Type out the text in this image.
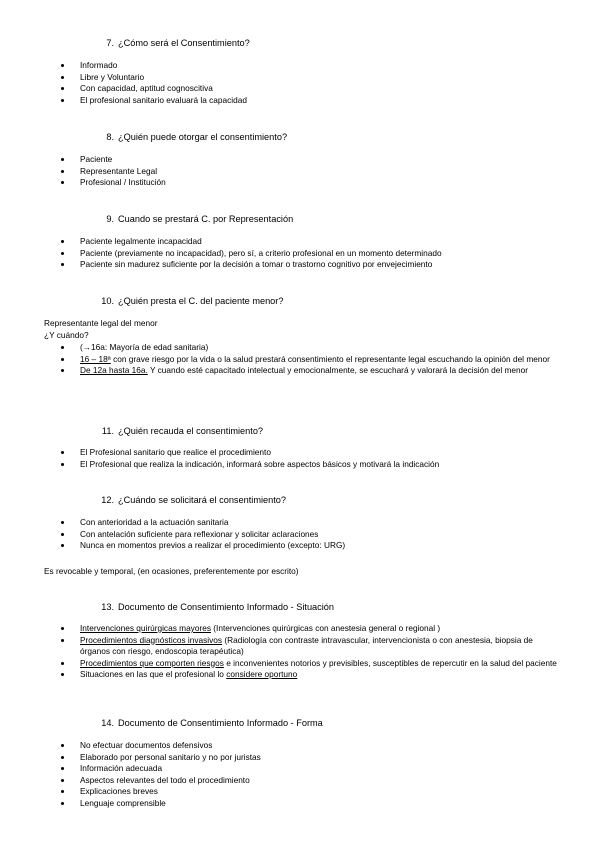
7. ¿Cómo será el Consentimiento?
Informado
Libre y Voluntario
Con capacidad, aptitud cognoscitiva
El profesional sanitario evaluará la capacidad
8. ¿Quién puede otorgar el consentimiento?
Paciente
Representante Legal
Profesional / Institución
9. Cuando se prestará C. por Representación
Paciente legalmente incapacidad
Paciente (previamente no incapacidad), pero sí, a criterio profesional en un momento determinado
Paciente sin madurez suficiente por la decisión a tomar o trastorno cognitivo por envejecimiento
10. ¿Quién presta el C. del paciente menor?
Representante legal del menor
¿Y cuándo?
(→16a: Mayoría de edad sanitaria)
16 – 18ª con grave riesgo por la vida o la salud prestará consentimiento el representante legal escuchando la opinión del menor
De 12a hasta 16a. Y cuando esté capacitado intelectual y emocionalmente, se escuchará y valorará la decisión del menor
11. ¿Quién recauda el consentimiento?
El Profesional sanitario que realice el procedimiento
El Profesional que realiza la indicación, informará sobre aspectos básicos y motivará la indicación
12. ¿Cuándo se solicitará el consentimiento?
Con anterioridad a la actuación sanitaria
Con antelación suficiente para reflexionar y solicitar aclaraciones
Nunca en momentos previos a realizar el procedimiento (excepto: URG)
Es revocable y temporal, (en ocasiones, preferentemente por escrito)
13. Documento de Consentimiento Informado - Situación
Intervenciones quirúrgicas mayores (Intervenciones quirúrgicas con anestesia general o regional )
Procedimientos diagnósticos invasivos (Radiología con contraste intravascular, intervencionista o con anestesia, biopsia de órganos con riesgo, endoscopia terapéutica)
Procedimientos que comporten riesgos e inconvenientes notorios y previsibles, susceptibles de repercutir en la salud del paciente
Situaciones en las que el profesional lo considere oportuno
14. Documento de Consentimiento Informado - Forma
No efectuar documentos defensivos
Elaborado por personal sanitario y no por juristas
Información adecuada
Aspectos relevantes del todo el procedimiento
Explicaciones breves
Lenguaje comprensible
